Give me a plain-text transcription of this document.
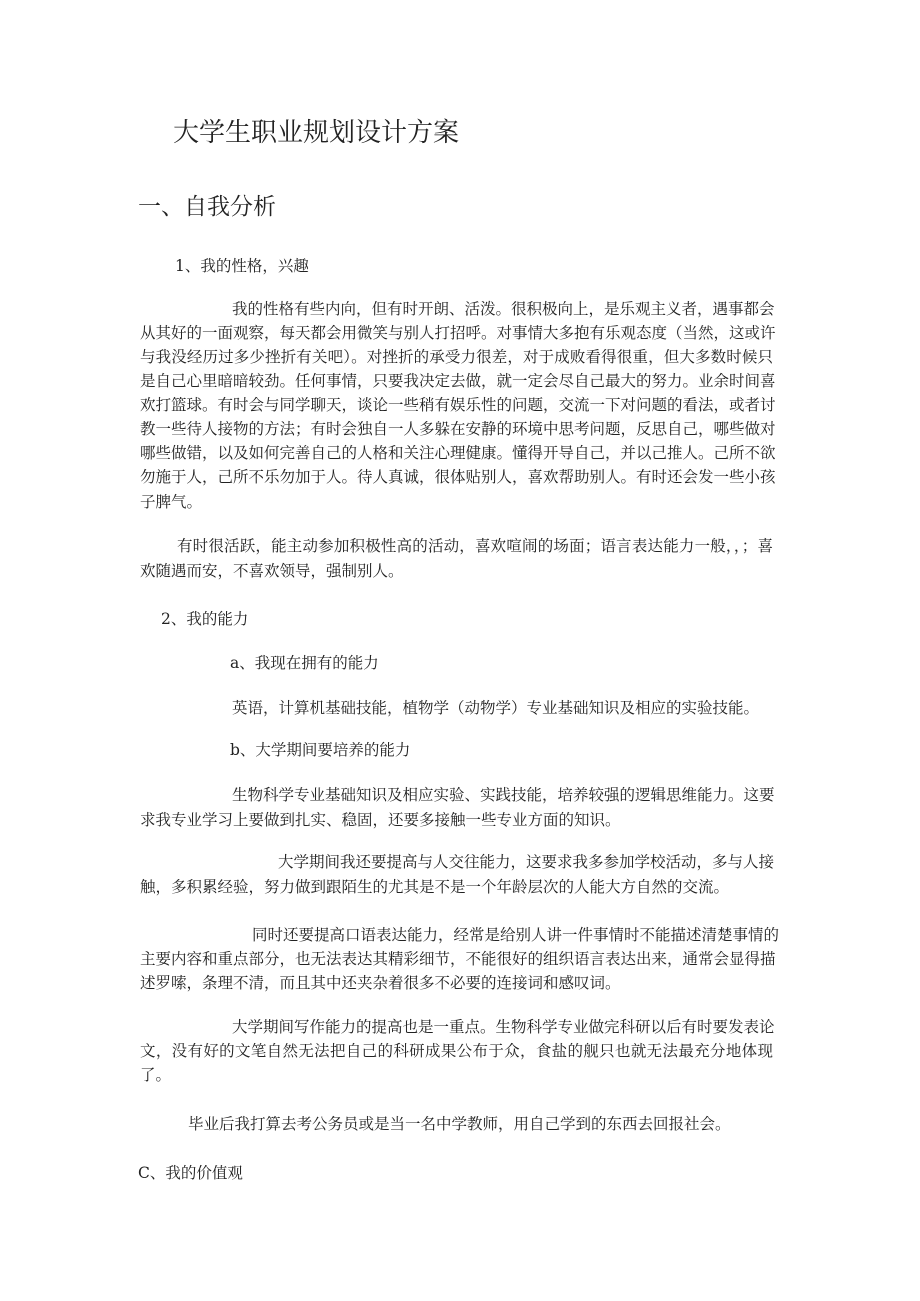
大学生职业规划设计方案
一、自我分析
1、我的性格，兴趣
2、我的能力
a、我现在拥有的能力
英语，计算机基础技能，植物学（动物学）专业基础知识及相应的实验技能。
b、大学期间要培养的能力
毕业后我打算去考公务员或是当一名中学教师，用自己学到的东西去回报社会。
C、我的价值观
我的性格有些内向，但有时开朗、活泼。很积极向上，是乐观主义者，遇事都会
从其好的一面观察，每天都会用微笑与别人打招呼。对事情大多抱有乐观态度（当然，这或许
与我没经历过多少挫折有关吧）。对挫折的承受力很差，对于成败看得很重，但大多数时候只
是自己心里暗暗较劲。任何事情，只要我决定去做，就一定会尽自己最大的努力。业余时间喜
欢打篮球。有时会与同学聊天，谈论一些稍有娱乐性的问题，交流一下对问题的看法，或者讨
教一些待人接物的方法；有时会独自一人多躲在安静的环境中思考问题，反思自己，哪些做对
哪些做错，以及如何完善自己的人格和关注心理健康。懂得开导自己，并以己推人。己所不欲
勿施于人，己所不乐勿加于人。待人真诚，很体贴别人，喜欢帮助别人。有时还会发一些小孩
子脾气。
有时很活跃，能主动参加积极性高的活动，喜欢喧闹的场面；语言表达能力一般，，；喜
欢随遇而安，不喜欢领导，强制别人。
生物科学专业基础知识及相应实验、实践技能，培养较强的逻辑思维能力。这要
求我专业学习上要做到扎实、稳固，还要多接触一些专业方面的知识。
大学期间我还要提高与人交往能力，这要求我多参加学校活动，多与人接
触，多积累经验，努力做到跟陌生的尤其是不是一个年龄层次的人能大方自然的交流。
同时还要提高口语表达能力，经常是给别人讲一件事情时不能描述清楚事情的
主要内容和重点部分，也无法表达其精彩细节，不能很好的组织语言表达出来，通常会显得描
述罗嗦，条理不清，而且其中还夹杂着很多不必要的连接词和感叹词。
大学期间写作能力的提高也是一重点。生物科学专业做完科研以后有时要发表论
文，没有好的文笔自然无法把自己的科研成果公布于众，食盐的舰只也就无法最充分地体现
了。
